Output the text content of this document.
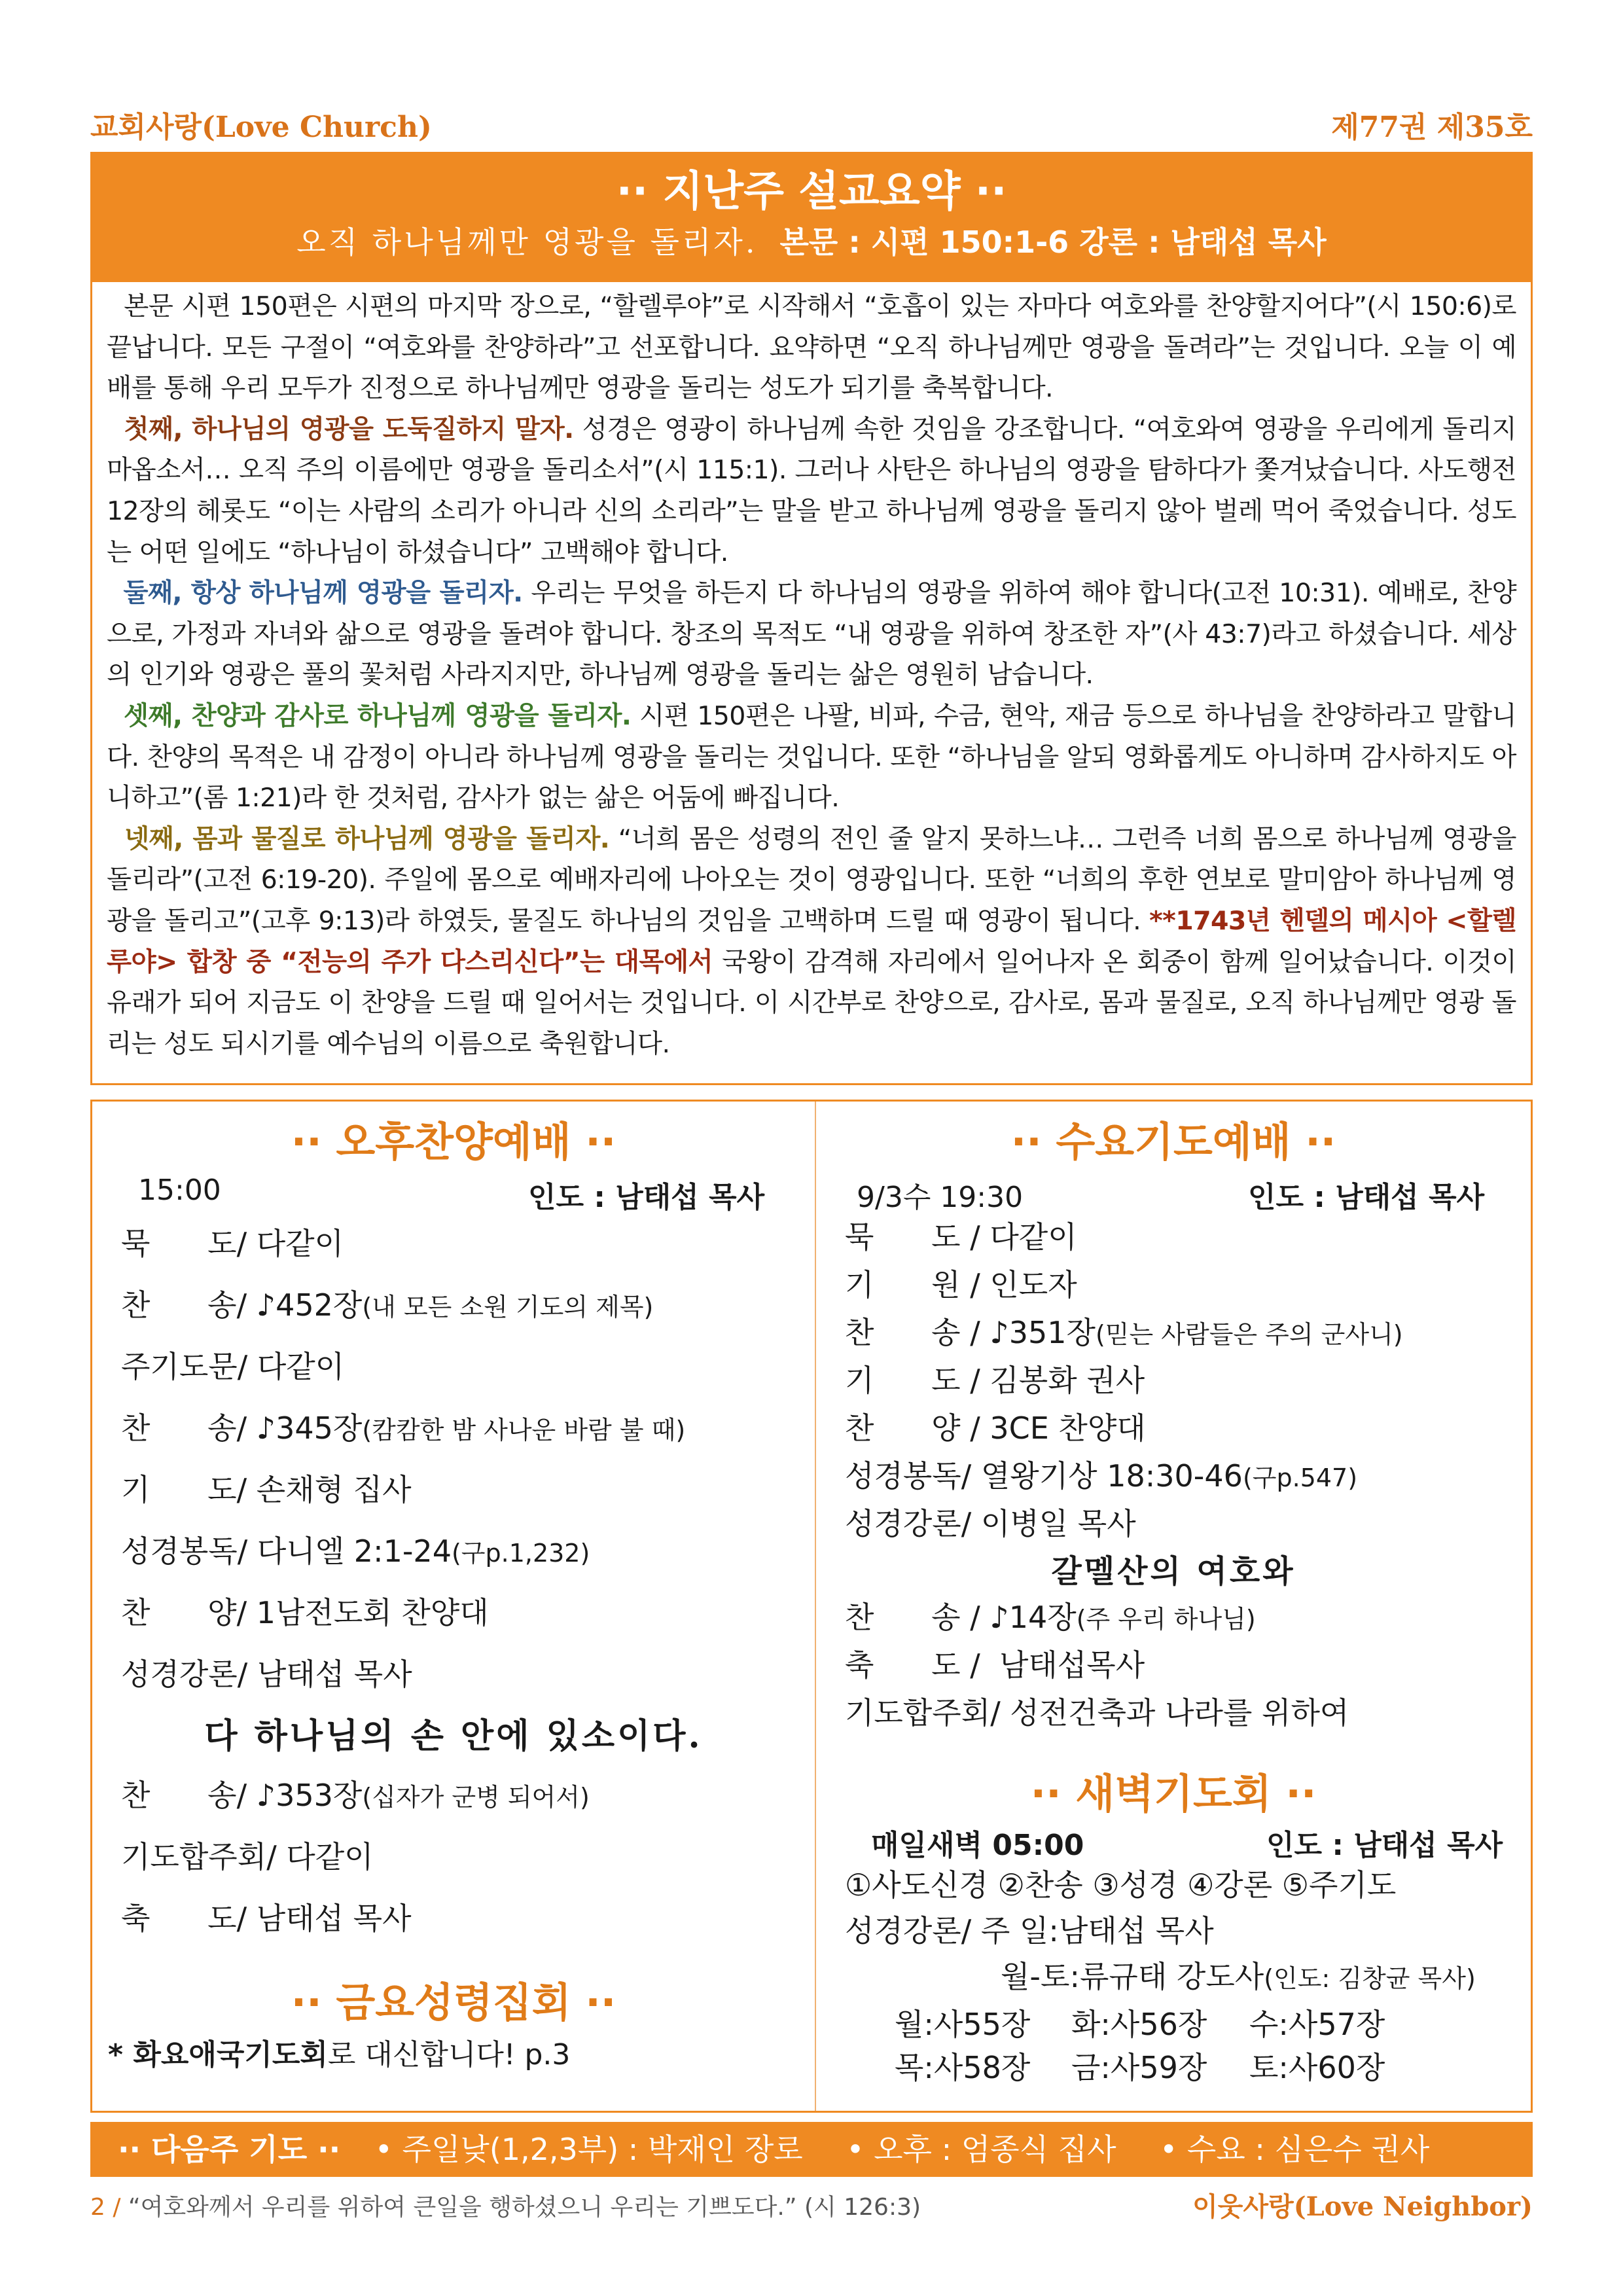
교회사랑(Love Church)	제77권 제35호
·· 지난주 설교요약 ··
오직 하나님께만 영광을 돌리자. 본문 : 시편 150:1-6 강론 : 남태섭 목사

본문 시편 150편은 시편의 마지막 장으로, “할렐루야”로 시작해서 “호흡이 있는 자마다 여호와를 찬양할지어다”(시 150:6)로 끝납니다. 모든 구절이 “여호와를 찬양하라”고 선포합니다. 요약하면 “오직 하나님께만 영광을 돌려라”는 것입니다. 오늘 이 예배를 통해 우리 모두가 진정으로 하나님께만 영광을 돌리는 성도가 되기를 축복합니다.

첫째, 하나님의 영광을 도둑질하지 말자. 성경은 영광이 하나님께 속한 것임을 강조합니다. “여호와여 영광을 우리에게 돌리지 마옵소서… 오직 주의 이름에만 영광을 돌리소서”(시 115:1). 그러나 사탄은 하나님의 영광을 탐하다가 쫓겨났습니다. 사도행전 12장의 헤롯도 “이는 사람의 소리가 아니라 신의 소리라”는 말을 받고 하나님께 영광을 돌리지 않아 벌레 먹어 죽었습니다. 성도는 어떤 일에도 “하나님이 하셨습니다” 고백해야 합니다.

둘째, 항상 하나님께 영광을 돌리자. 우리는 무엇을 하든지 다 하나님의 영광을 위하여 해야 합니다(고전 10:31). 예배로, 찬양으로, 가정과 자녀와 삶으로 영광을 돌려야 합니다. 창조의 목적도 “내 영광을 위하여 창조한 자”(사 43:7)라고 하셨습니다. 세상의 인기와 영광은 풀의 꽃처럼 사라지지만, 하나님께 영광을 돌리는 삶은 영원히 남습니다.

셋째, 찬양과 감사로 하나님께 영광을 돌리자. 시편 150편은 나팔, 비파, 수금, 현악, 재금 등으로 하나님을 찬양하라고 말합니다. 찬양의 목적은 내 감정이 아니라 하나님께 영광을 돌리는 것입니다. 또한 “하나님을 알되 영화롭게도 아니하며 감사하지도 아니하고”(롬 1:21)라 한 것처럼, 감사가 없는 삶은 어둠에 빠집니다.

넷째, 몸과 물질로 하나님께 영광을 돌리자. “너희 몸은 성령의 전인 줄 알지 못하느냐… 그런즉 너희 몸으로 하나님께 영광을 돌리라”(고전 6:19-20). 주일에 몸으로 예배자리에 나아오는 것이 영광입니다. 또한 “너희의 후한 연보로 말미암아 하나님께 영광을 돌리고”(고후 9:13)라 하였듯, 물질도 하나님의 것임을 고백하며 드릴 때 영광이 됩니다. **1743년 헨델의 메시아 <할렐루야> 합창 중 “전능의 주가 다스리신다”는 대목에서 국왕이 감격해 자리에서 일어나자 온 회중이 함께 일어났습니다. 이것이 유래가 되어 지금도 이 찬양을 드릴 때 일어서는 것입니다. 이 시간부로 찬양으로, 감사로, 몸과 물질로, 오직 하나님께만 영광 돌리는 성도 되시기를 예수님의 이름으로 축원합니다.

·· 오후찬양예배 ··
15:00	인도 : 남태섭 목사
묵      도/ 다같이
찬      송/ ♪452장(내 모든 소원 기도의 제목)
주기도문/ 다같이
찬      송/ ♪345장(캄캄한 밤 사나운 바람 불 때)
기      도/ 손채형 집사
성경봉독/ 다니엘 2:1-24(구p.1,232)
찬      양/ 1남전도회 찬양대
성경강론/ 남태섭 목사
다 하나님의 손 안에 있소이다.
찬      송/ ♪353장(십자가 군병 되어서)
기도합주회/ 다같이
축      도/ 남태섭 목사
·· 금요성령집회 ··
* 화요애국기도회로 대신합니다! p.3
·· 수요기도예배 ··
9/3수 19:30	인도 : 남태섭 목사
묵      도 / 다같이
기      원 / 인도자
찬      송 / ♪351장(믿는 사람들은 주의 군사니)
기      도 / 김봉화 권사
찬      양 / 3CE 찬양대
성경봉독/ 열왕기상 18:30-46(구p.547)
성경강론/ 이병일 목사
갈멜산의 여호와
찬      송 / ♪14장(주 우리 하나님)
축      도 /  남태섭목사
기도합주회/ 성전건축과 나라를 위하여
·· 새벽기도회 ··
매일새벽 05:00	인도 : 남태섭 목사
①사도신경 ②찬송 ③성경 ④강론 ⑤주기도
성경강론/ 주 일:남태섭 목사
월-토:류규태 강도사(인도: 김창균 목사)
월:사55장 화:사56장 수:사57장
목:사58장 금:사59장 토:사60장
·· 다음주 기도 ·· • 주일낮(1,2,3부) : 박재인 장로 • 오후 : 엄종식 집사 • 수요 : 심은수 권사
2 / “여호와께서 우리를 위하여 큰일을 행하셨으니 우리는 기쁘도다.” (시 126:3)	이웃사랑(Love Neighbor)
